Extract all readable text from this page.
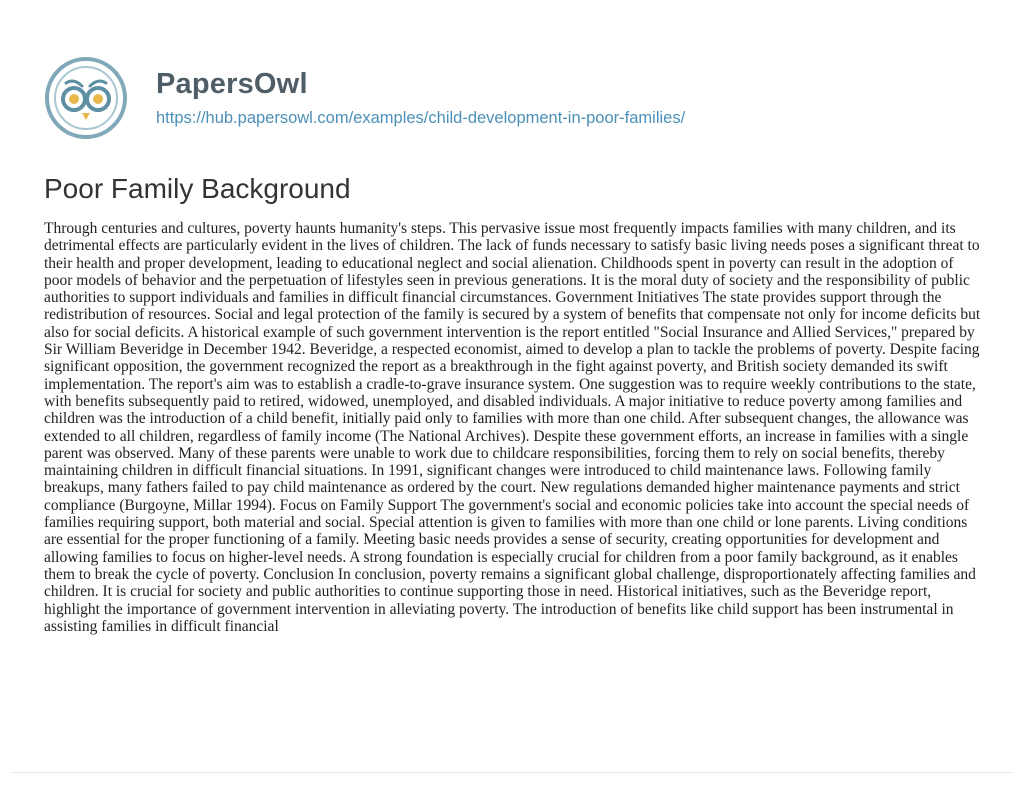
PapersOwl
https://hub.papersowl.com/examples/child-development-in-poor-families/
Poor Family Background

Through centuries and cultures, poverty haunts humanity's steps. This pervasive issue most frequently impacts families with many children, and its detrimental effects are particularly evident in the lives of children. The lack of funds necessary to satisfy basic living needs poses a significant threat to their health and proper development, leading to educational neglect and social alienation. Childhoods spent in poverty can result in the adoption of poor models of behavior and the perpetuation of lifestyles seen in previous generations. It is the moral duty of society and the responsibility of public authorities to support individuals and families in difficult financial circumstances. Government Initiatives The state provides support through the redistribution of resources. Social and legal protection of the family is secured by a system of benefits that compensate not only for income deficits but also for social deficits. A historical example of such government intervention is the report entitled "Social Insurance and Allied Services," prepared by Sir William Beveridge in December 1942. Beveridge, a respected economist, aimed to develop a plan to tackle the problems of poverty. Despite facing significant opposition, the government recognized the report as a breakthrough in the fight against poverty, and British society demanded its swift implementation. The report's aim was to establish a cradle-to-grave insurance system. One suggestion was to require weekly contributions to the state, with benefits subsequently paid to retired, widowed, unemployed, and disabled individuals. A major initiative to reduce poverty among families and children was the introduction of a child benefit, initially paid only to families with more than one child. After subsequent changes, the allowance was extended to all children, regardless of family income (The National Archives). Despite these government efforts, an increase in families with a single parent was observed. Many of these parents were unable to work due to childcare responsibilities, forcing them to rely on social benefits, thereby maintaining children in difficult financial situations. In 1991, significant changes were introduced to child maintenance laws. Following family breakups, many fathers failed to pay child maintenance as ordered by the court. New regulations demanded higher maintenance payments and strict compliance (Burgoyne, Millar 1994). Focus on Family Support The government's social and economic policies take into account the special needs of families requiring support, both material and social. Special attention is given to families with more than one child or lone parents. Living conditions are essential for the proper functioning of a family. Meeting basic needs provides a sense of security, creating opportunities for development and allowing families to focus on higher-level needs. A strong foundation is especially crucial for children from a poor family background, as it enables them to break the cycle of poverty. Conclusion In conclusion, poverty remains a significant global challenge, disproportionately affecting families and children. It is crucial for society and public authorities to continue supporting those in need. Historical initiatives, such as the Beveridge report, highlight the importance of government intervention in alleviating poverty. The introduction of benefits like child support has been instrumental in assisting families in difficult financial
